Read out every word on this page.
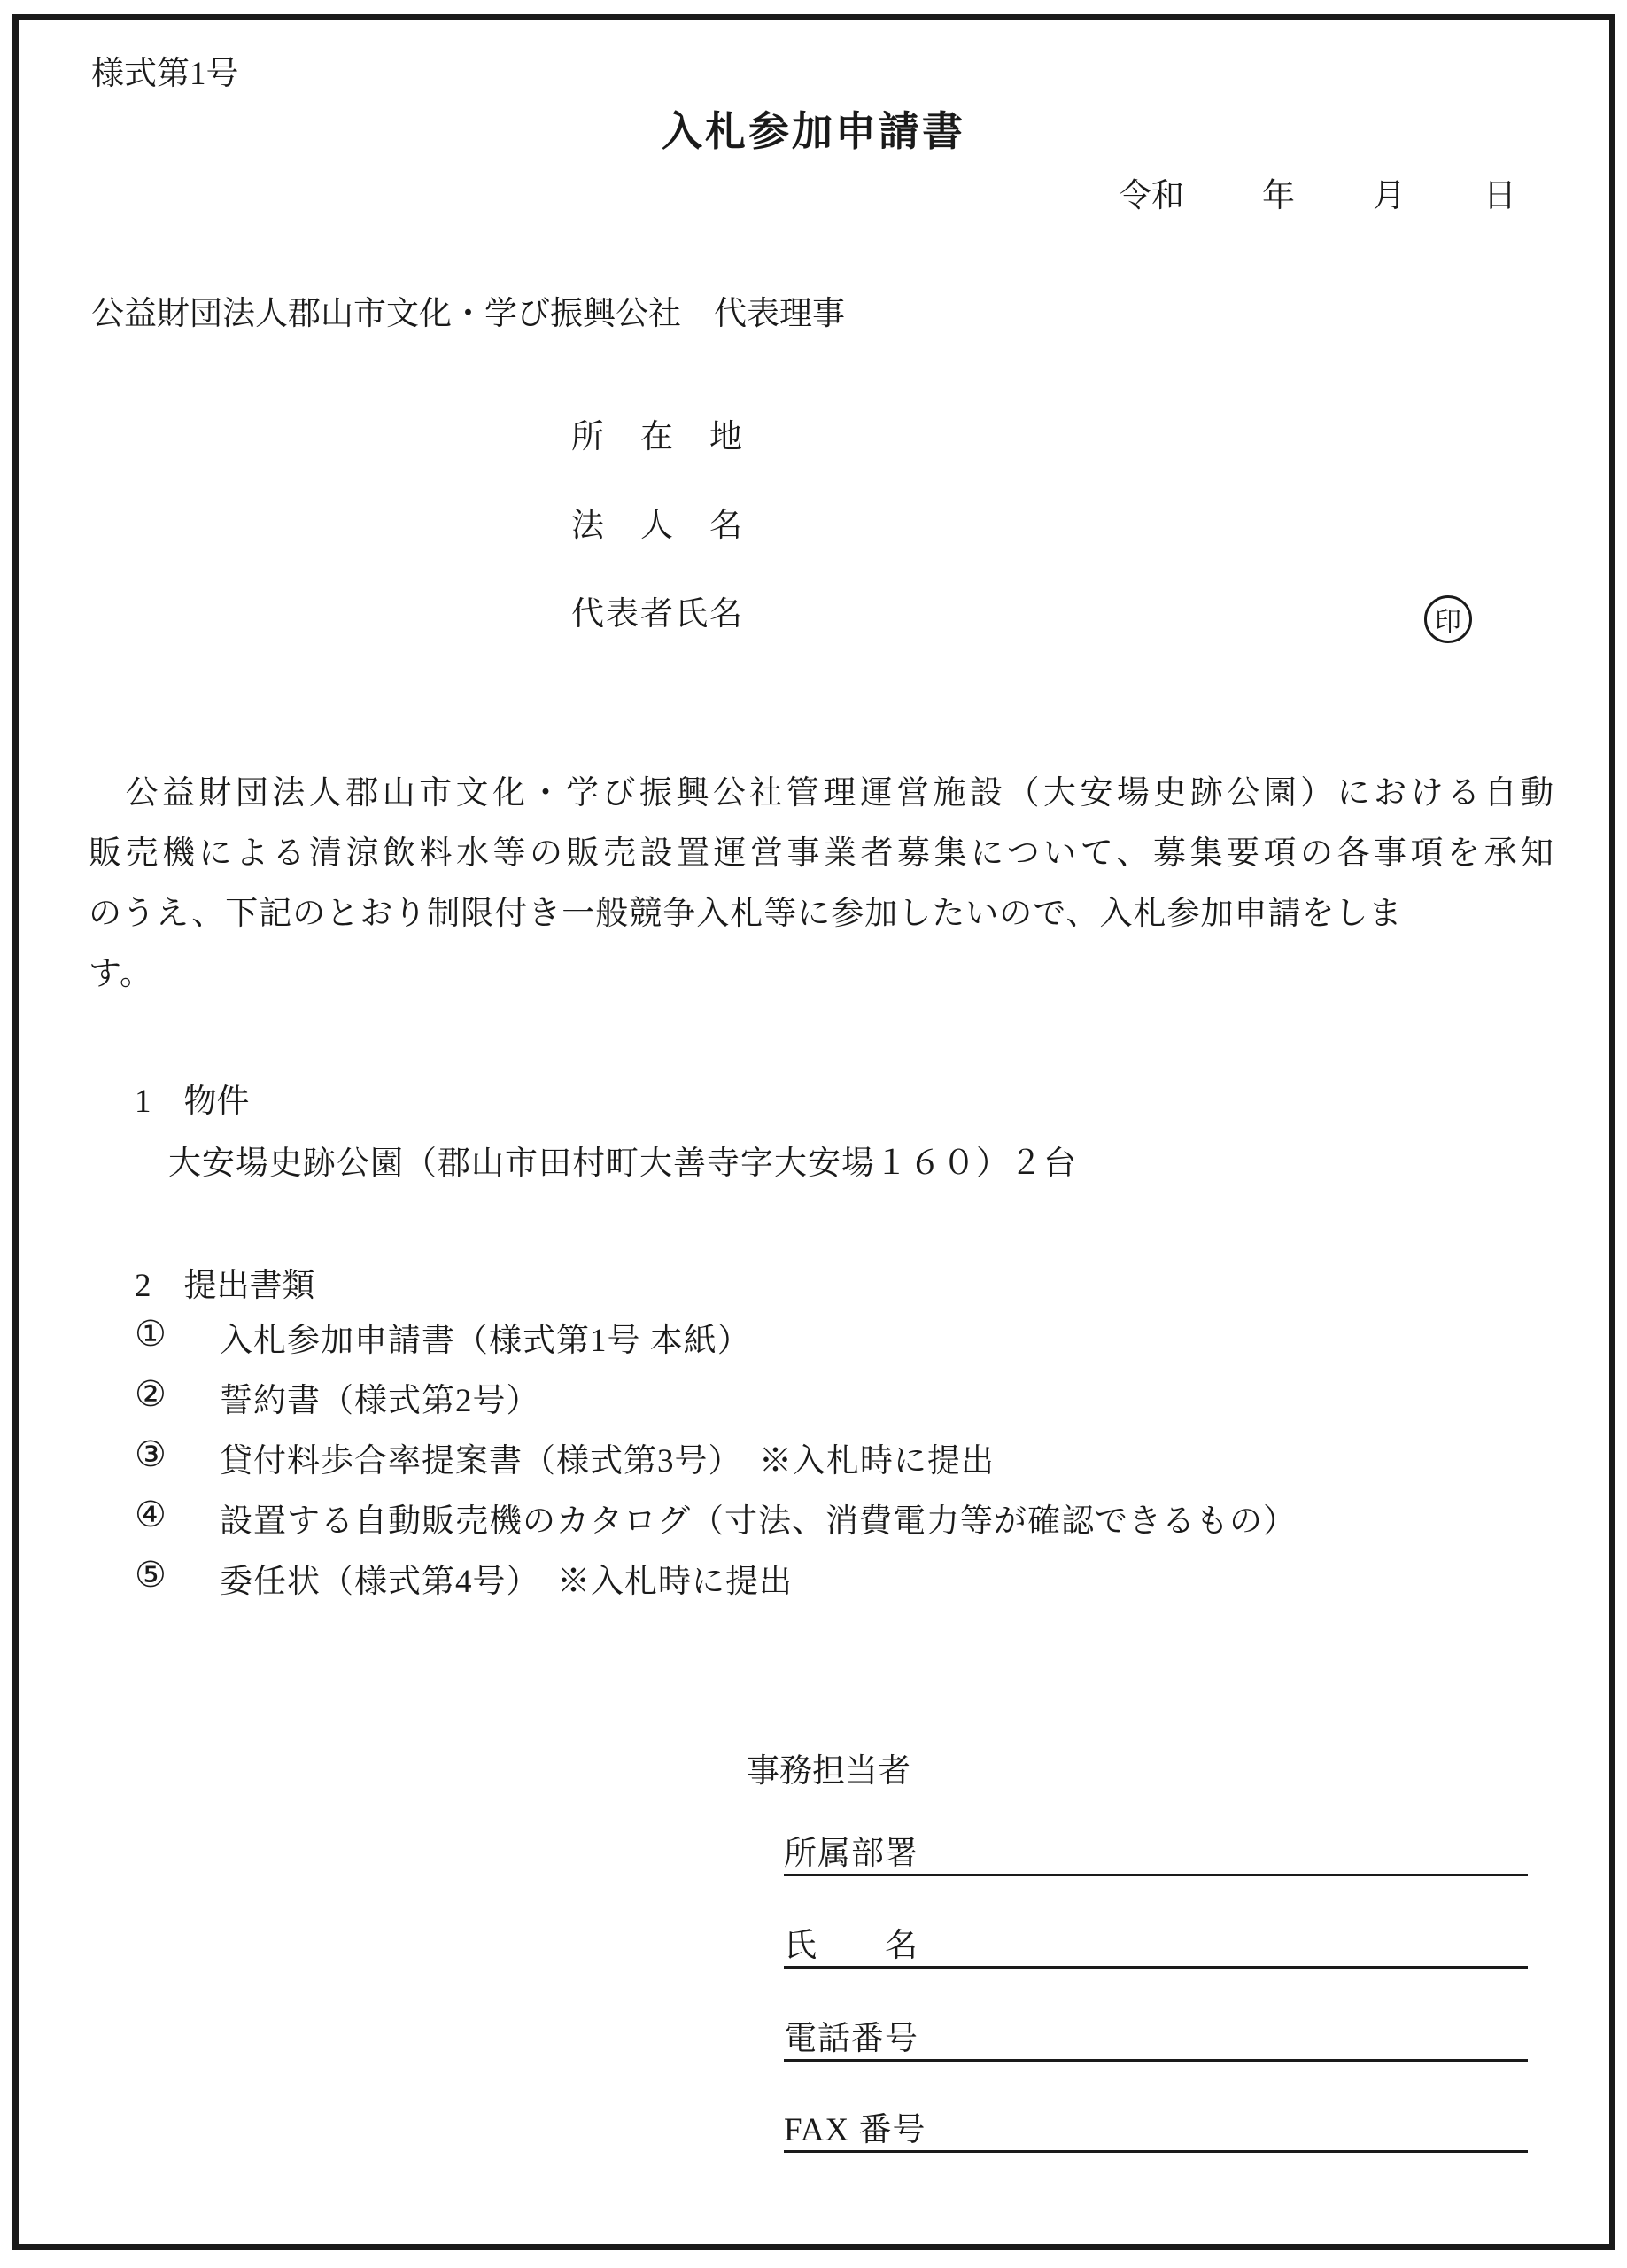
様式第1号
入札参加申請書
令和 年 月 日
公益財団法人郡山市文化・学び振興公社　代表理事
所　在　地
法　人　名
代表者氏名	印
　公益財団法人郡山市文化・学び振興公社管理運営施設（大安場史跡公園）における自動
販売機による清涼飲料水等の販売設置運営事業者募集について、募集要項の各事項を承知
のうえ、下記のとおり制限付き一般競争入札等に参加したいので、入札参加申請をしま
す。
1　物件
大安場史跡公園（郡山市田村町大善寺字大安場１６０）２台
2　提出書類
①	入札参加申請書（様式第1号 本紙）
②	誓約書（様式第2号）
③	貸付料歩合率提案書（様式第3号）　※入札時に提出
④	設置する自動販売機のカタログ（寸法、消費電力等が確認できるもの）
⑤	委任状（様式第4号）　※入札時に提出
事務担当者
所属部署
氏　　名
電話番号
FAX 番号
